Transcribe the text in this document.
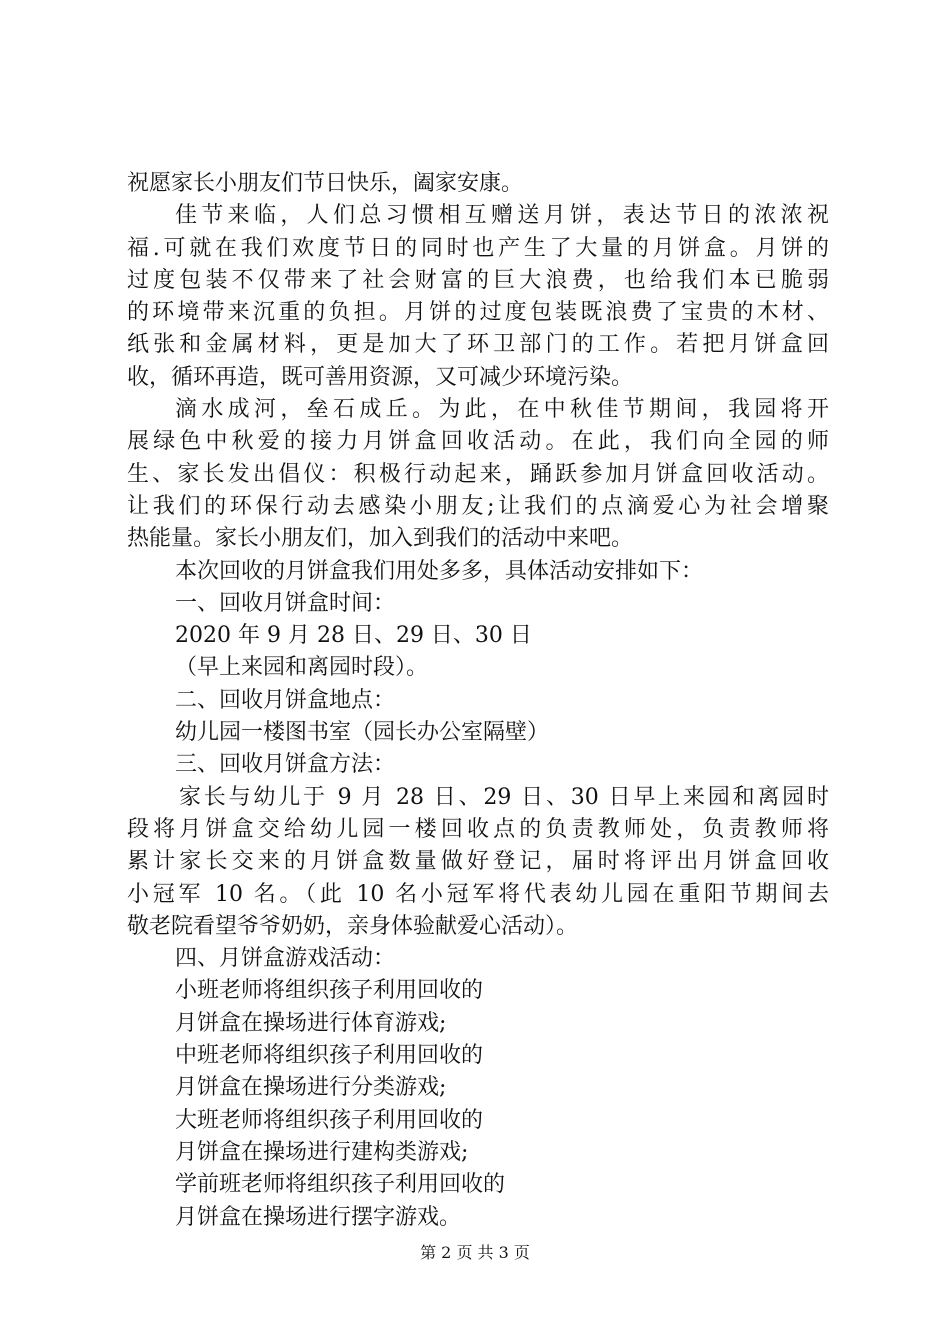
祝愿家长小朋友们节日快乐，阖家安康。
佳节来临，人们总习惯相互赠送月饼，表达节日的浓浓祝
福.可就在我们欢度节日的同时也产生了大量的月饼盒。月饼的
过度包装不仅带来了社会财富的巨大浪费，也给我们本已脆弱
的环境带来沉重的负担。月饼的过度包装既浪费了宝贵的木材、
纸张和金属材料，更是加大了环卫部门的工作。若把月饼盒回
收，循环再造，既可善用资源，又可减少环境污染。
滴水成河，垒石成丘。为此，在中秋佳节期间，我园将开
展绿色中秋爱的接力月饼盒回收活动。在此，我们向全园的师
生、家长发出倡仪：积极行动起来，踊跃参加月饼盒回收活动。
让我们的环保行动去感染小朋友;让我们的点滴爱心为社会增聚
热能量。家长小朋友们，加入到我们的活动中来吧。
本次回收的月饼盒我们用处多多，具体活动安排如下：
一、回收月饼盒时间：
2020 年 9 月 28 日、29 日、30 日
（早上来园和离园时段）。
二、回收月饼盒地点：
幼儿园一楼图书室（园长办公室隔壁）
三、回收月饼盒方法：
家长与幼儿于 9 月 28 日、29 日、30 日早上来园和离园时
段将月饼盒交给幼儿园一楼回收点的负责教师处，负责教师将
累计家长交来的月饼盒数量做好登记，届时将评出月饼盒回收
小冠军 10 名。（此 10 名小冠军将代表幼儿园在重阳节期间去
敬老院看望爷爷奶奶，亲身体验献爱心活动）。
四、月饼盒游戏活动：
小班老师将组织孩子利用回收的
月饼盒在操场进行体育游戏;
中班老师将组织孩子利用回收的
月饼盒在操场进行分类游戏;
大班老师将组织孩子利用回收的
月饼盒在操场进行建构类游戏;
学前班老师将组织孩子利用回收的
月饼盒在操场进行摆字游戏。
第 2 页 共 3 页
